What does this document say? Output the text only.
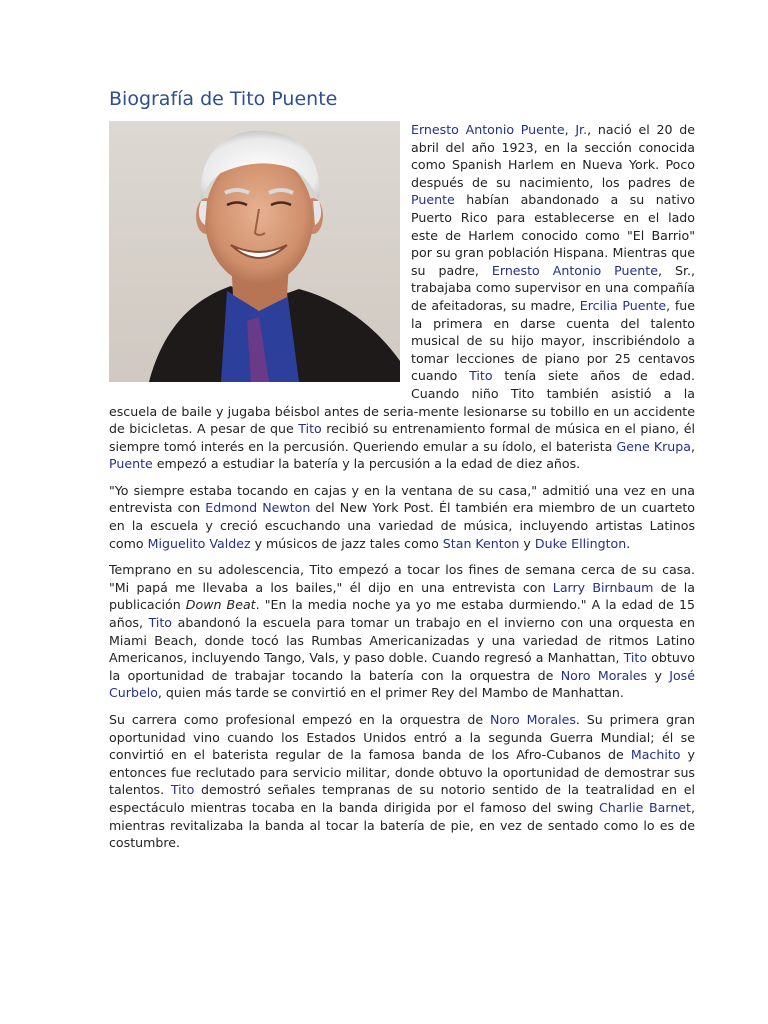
Biografía de Tito Puente

Ernesto Antonio Puente, Jr., nació el 20 de abril del año 1923, en la sección conocida como Spanish Harlem en Nueva York. Poco después de su nacimiento, los padres de Puente habían abandonado a su nativo Puerto Rico para establecerse en el lado este de Harlem conocido como "El Barrio" por su gran población Hispana. Mientras que su padre, Ernesto Antonio Puente, Sr., trabajaba como supervisor en una compañía de afeitadoras, su madre, Ercilia Puente, fue la primera en darse cuenta del talento musical de su hijo mayor, inscribiéndolo a tomar lecciones de piano por 25 centavos cuando Tito tenía siete años de edad. Cuando niño Tito también asistió a la escuela de baile y jugaba béisbol antes de seria-mente lesionarse su tobillo en un accidente de bicicletas. A pesar de que Tito recibió su entrenamiento formal de música en el piano, él siempre tomó interés en la percusión. Queriendo emular a su ídolo, el baterista Gene Krupa, Puente empezó a estudiar la batería y la percusión a la edad de diez años.

"Yo siempre estaba tocando en cajas y en la ventana de su casa," admitió una vez en una entrevista con Edmond Newton del New York Post. Él también era miembro de un cuarteto en la escuela y creció escuchando una variedad de música, incluyendo artistas Latinos como Miguelito Valdez y músicos de jazz tales como Stan Kenton y Duke Ellington.

Temprano en su adolescencia, Tito empezó a tocar los fines de semana cerca de su casa. "Mi papá me llevaba a los bailes," él dijo en una entrevista con Larry Birnbaum de la publicación Down Beat. "En la media noche ya yo me estaba durmiendo." A la edad de 15 años, Tito abandonó la escuela para tomar un trabajo en el invierno con una orquesta en Miami Beach, donde tocó las Rumbas Americanizadas y una variedad de ritmos Latino Americanos, incluyendo Tango, Vals, y paso doble. Cuando regresó a Manhattan, Tito obtuvo la oportunidad de trabajar tocando la batería con la orquestra de Noro Morales y José Curbelo, quien más tarde se convirtió en el primer Rey del Mambo de Manhattan.

Su carrera como profesional empezó en la orquestra de Noro Morales. Su primera gran oportunidad vino cuando los Estados Unidos entró a la segunda Guerra Mundial; él se convirtió en el baterista regular de la famosa banda de los Afro-Cubanos de Machito y entonces fue reclutado para servicio militar, donde obtuvo la oportunidad de demostrar sus talentos. Tito demostró señales tempranas de su notorio sentido de la teatralidad en el espectáculo mientras tocaba en la banda dirigida por el famoso del swing Charlie Barnet, mientras revitalizaba la banda al tocar la batería de pie, en vez de sentado como lo es de costumbre.
